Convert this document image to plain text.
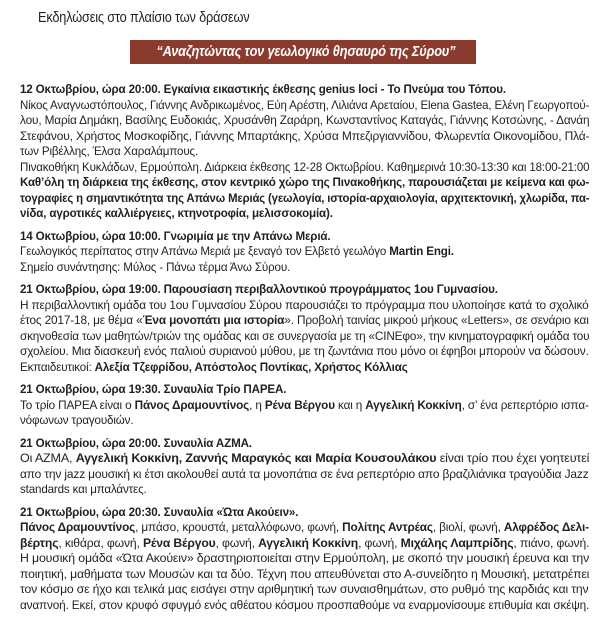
Εκδηλώσεις στο πλαίσιο των δράσεων
“Αναζητώντας τον γεωλογικό θησαυρό της Σύρου”
12 Οκτωβρίου, ώρα 20:00. Εγκαίνια εικαστικής έκθεσης genius loci - Το Πνεύμα του Τόπου.
Νίκος Αναγνωστόπουλος, Γιάννης Ανδρικωμένος, Εύη Αρέστη, Λιλιάνα Αρεταίου, Elena Gastea, Ελένη Γεωργοπού-
λου, Μαρία Δημάκη, Βασίλης Ευδοκιάς, Χρυσάνθη Ζαράρη, Κωνσταντίνος Καταγάς, Γιάννης Κοτσώνης, - Δανάη
Στεφάνου, Χρήστος Μοσκοφίδης, Γιάννης Μπαρτάκης, Χρύσα Μπεζιργιαννίδου, Φλωρεντία Οικονομίδου, Πλά-
των Ριβέλλης, Έλσα Χαραλάμπους.
Πινακοθήκη Κυκλάδων, Ερμούπολη. Διάρκεια έκθεσης 12-28 Οκτωβρίου. Καθημερινά 10:30-13:30 και 18:00-21:00
Καθ’όλη τη διάρκεια της έκθεσης, στον κεντρικό χώρο της Πινακοθήκης, παρουσιάζεται με κείμενα και φω-
τογραφίες η σημαντικότητα της Απάνω Μεριάς (γεωλογία, ιστορία-αρχαιολογία, αρχιτεκτονική, χλωρίδα, πα-
νίδα, αγροτικές καλλιέργειες, κτηνοτροφία, μελισσοκομία).
14 Οκτωβρίου, ώρα 10:00. Γνωριμία με την Απάνω Μεριά.
Γεωλογικός περίπατος στην Απάνω Μεριά με ξεναγό τον Ελβετό γεωλόγο Martin Engi.
Σημείο συνάντησης: Μύλος - Πάνω τέρμα Άνω Σύρου.
21 Οκτωβρίου, ώρα 19:00. Παρουσίαση περιβαλλοντικού προγράμματος 1ου Γυμνασίου.
Η περιβαλλοντική ομάδα του 1ου Γυμνασίου Σύρου παρουσιάζει το πρόγραμμα που υλοποίησε κατά το σχολικό
έτος 2017-18, με θέμα «Ένα μονοπάτι μια ιστορία». Προβολή ταινίας μικρού μήκους «Letters», σε σενάριο και
σκηνοθεσία των μαθητών/τριών της ομάδας και σε συνεργασία με τη «CINEφο», την κινηματογραφική ομάδα του
σχολείου. Μια διασκευή ενός παλιού συριανού μύθου, με τη ζωντάνια που μόνο οι έφηβοι μπορούν να δώσουν.
Εκπαιδευτικοί: Αλεξία Τζεφρίδου, Απόστολος Ποντίκας, Χρήστος Κόλλιας
21 Οκτωβρίου, ώρα 19:30. Συναυλία Τρίο ΠΑΡΕΑ.
Το τρίο ΠΑΡΕΑ είναι ο Πάνος Δραμουντίνος, η Ρένα Βέργου και η Αγγελική Κοκκίνη, σ’ ένα ρεπερτόριο ισπα-
νόφωνων τραγουδιών.
21 Οκτωβρίου, ώρα 20:00. Συναυλία ΑΖΜΑ.
Οι ΑΖΜΑ, Αγγελική Κοκκίνη, Ζαννής Μαραγκός και Μαρία Κουσουλάκου είναι τρίο που έχει γοητευτεί
απο την jazz μουσική κι έτσι ακολουθεί αυτά τα μονοπάτια σε ένα ρεπερτόριο απο βραζιλιάνικα τραγούδια Jazz
standards και μπαλάντες.
21 Οκτωβρίου, ώρα 20:30. Συναυλία «Ώτα Ακούειν».
Πάνος Δραμουντίνος, μπάσο, κρουστά, μεταλλόφωνο, φωνή, Πολίτης Αντρέας, βιολί, φωνή, Αλφρέδος Δελι-
βέρτης, κιθάρα, φωνή, Ρένα Βέργου, φωνή, Αγγελική Κοκκίνη, φωνή, Μιχάλης Λαμπρίδης, πιάνο, φωνή.
Η μουσική ομάδα «Ώτα Ακούειν» δραστηριοποιείται στην Ερμούπολη, με σκοπό την μουσική έρευνα και την
ποιητική, μαθήματα των Μουσών και τα δύο. Τέχνη που απευθύνεται στο Α-συνείδητο η Μουσική, μετατρέπει
τον κόσμο σε ήχο και τελικά μας εισάγει στην αριθμητική των συναισθημάτων, στο ρυθμό της καρδιάς και την
αναπνοή. Εκεί, στον κρυφό σφυγμό ενός αθέατου κόσμου προσπαθούμε να εναρμονίσουμε επιθυμία και σκέψη.
